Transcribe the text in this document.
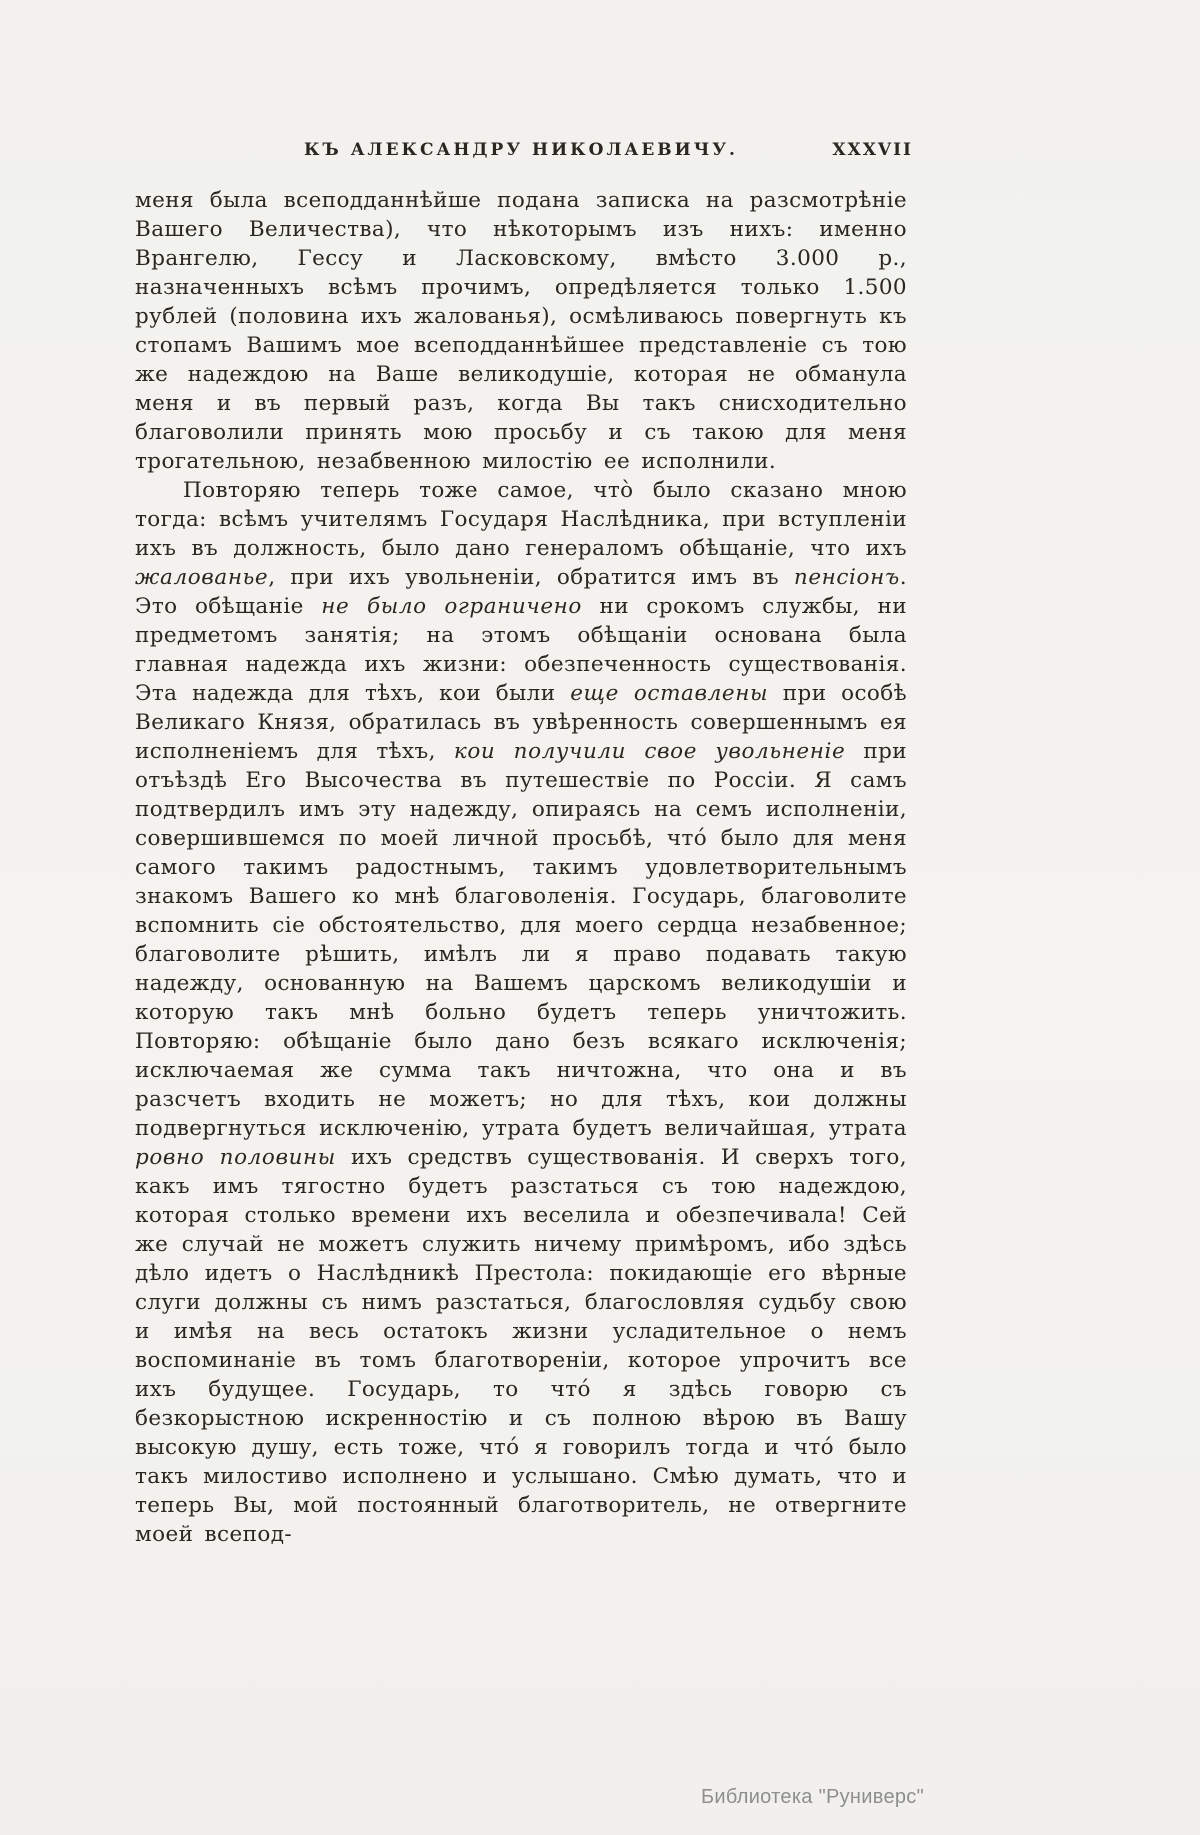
КЪ АЛЕКСАНДРУ НИКОЛАЕВИЧУ.	XXXVII

меня была всеподданнѣйше подана записка на разсмотрѣніе Вашего Величества), что нѣкоторымъ изъ нихъ: именно Врангелю, Гессу и Ласковскому, вмѣсто 3.000 р., назначенныхъ всѣмъ прочимъ, опредѣляется только 1.500 рублей (половина ихъ жалованья), осмѣливаюсь повергнуть къ стопамъ Вашимъ мое всеподданнѣйшее представленіе съ тою же надеждою на Ваше великодушіе, которая не обманула меня и въ первый разъ, когда Вы такъ снисходительно благоволили принять мою просьбу и съ такою для меня трогательною, незабвенною милостію ее исполнили.

Повторяю теперь тоже самое, что̀ было сказано мною тогда: всѣмъ учителямъ Государя Наслѣдника, при вступленіи ихъ въ должность, было дано генераломъ обѣщаніе, что ихъ жалованье, при ихъ увольненіи, обратится имъ въ пенсіонъ. Это обѣщаніе не было ограничено ни срокомъ службы, ни предметомъ занятія; на этомъ обѣщаніи основана была главная надежда ихъ жизни: обезпеченность существованія. Эта надежда для тѣхъ, кои были еще оставлены при особѣ Великаго Князя, обратилась въ увѣренность совершеннымъ ея исполненіемъ для тѣхъ, кои получили свое увольненіе при отъѣздѣ Его Высочества въ путешествіе по Россіи. Я самъ подтвердилъ имъ эту надежду, опираясь на семъ исполненіи, совершившемся по моей личной просьбѣ, что́ было для меня самого такимъ радостнымъ, такимъ удовлетворительнымъ знакомъ Вашего ко мнѣ благоволенія. Государь, благоволите вспомнить сіе обстоятельство, для моего сердца незабвенное; благоволите рѣшить, имѣлъ ли я право подавать такую надежду, основанную на Вашемъ царскомъ великодушіи и которую такъ мнѣ больно будетъ теперь уничтожить. Повторяю: обѣщаніе было дано безъ всякаго исключенія; исключаемая же сумма такъ ничтожна, что она и въ разсчетъ входить не можетъ; но для тѣхъ, кои должны подвергнуться исключенію, утрата будетъ величайшая, утрата ровно половины ихъ средствъ существованія. И сверхъ того, какъ имъ тягостно будетъ разстаться съ тою надеждою, которая столько времени ихъ веселила и обезпечивала! Сей же случай не можетъ служить ничему примѣромъ, ибо здѣсь дѣло идетъ о Наслѣдникѣ Престола: покидающіе его вѣрные слуги должны съ нимъ разстаться, благословляя судьбу свою и имѣя на весь остатокъ жизни усладительное о немъ воспоминаніе въ томъ благотвореніи, которое упрочитъ все ихъ будущее. Государь, то что́ я здѣсь говорю съ безкорыстною искренностію и съ полною вѣрою въ Вашу высокую душу, есть тоже, что́ я говорилъ тогда и что́ было такъ милостиво исполнено и услышано. Смѣю думать, что и теперь Вы, мой постоянный благотворитель, не отвергните моей всепод-

Библиотека "Руниверс"
